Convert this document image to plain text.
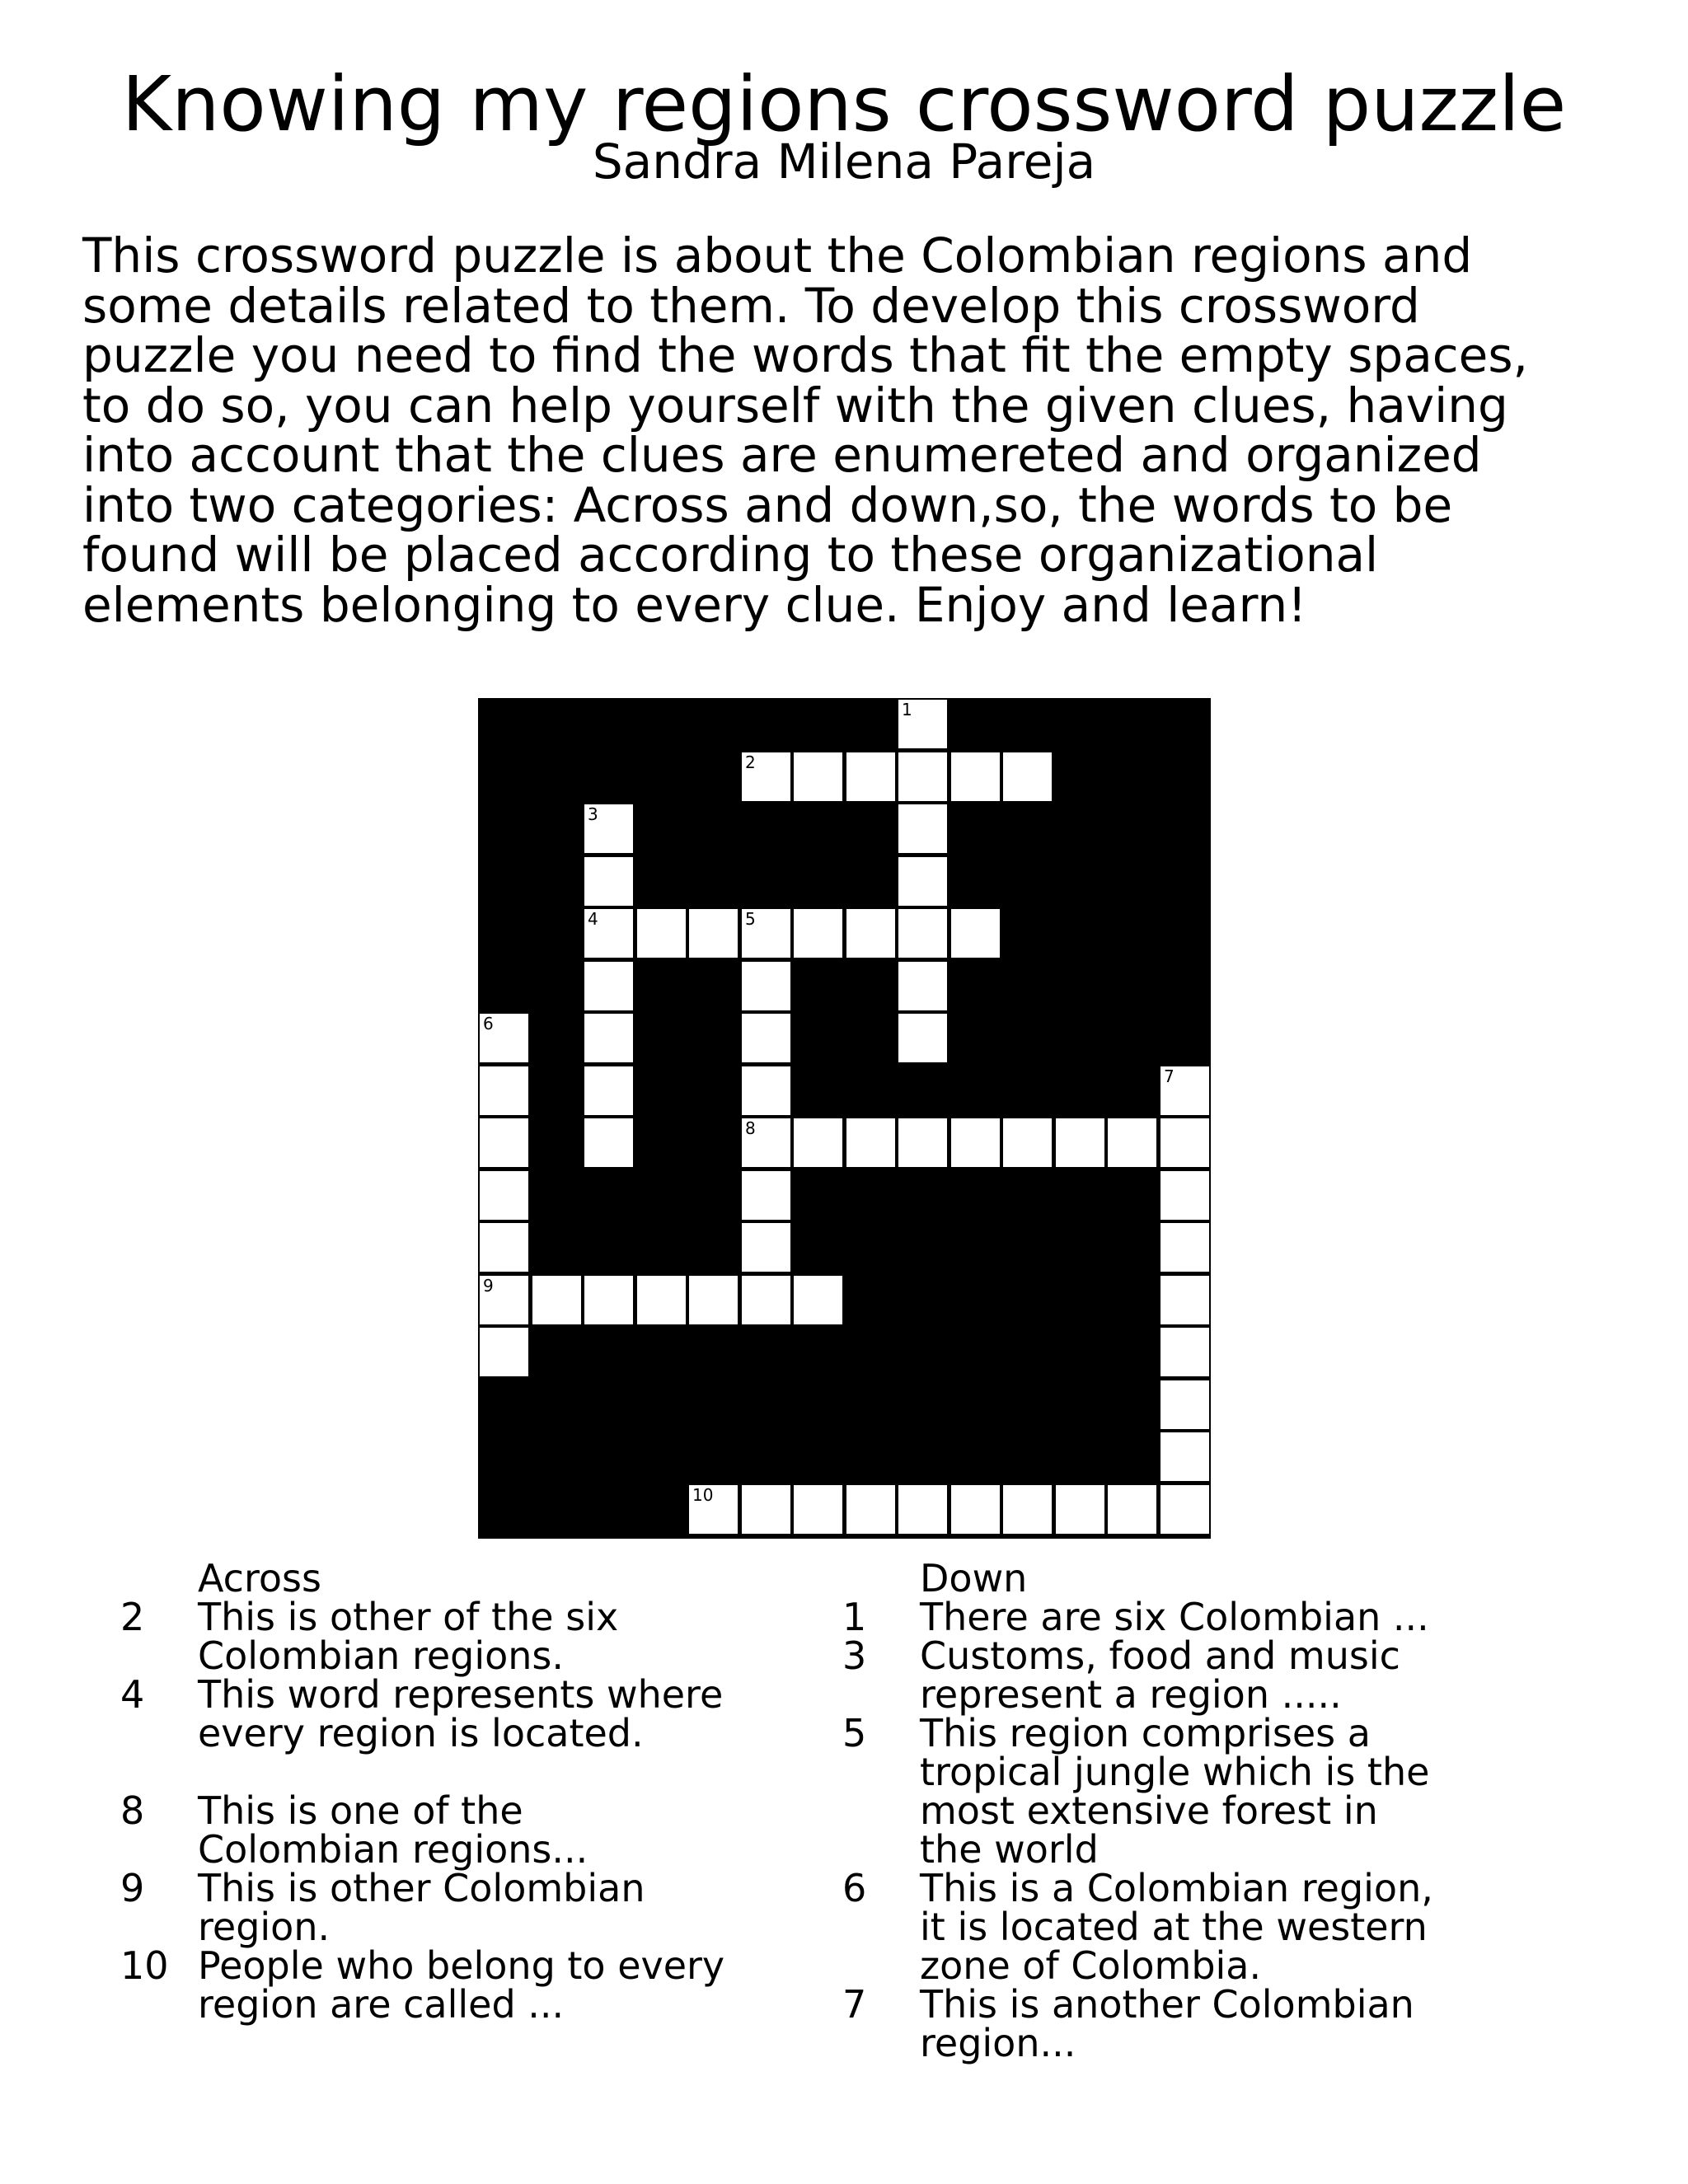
Knowing my regions crossword puzzle
Sandra Milena Pareja

This crossword puzzle is about the Colombian regions and some details related to them. To develop this crossword puzzle you need to find the words that fit the empty spaces, to do so, you can help yourself with the given clues, having into account that the clues are enumereted and organized into two categories: Across and down,so, the words to be found will be placed according to these organizational elements belonging to every clue. Enjoy and learn!

1
2
3
4	5
8
6
9
7
10
Across
2 This is other of the six Colombian regions.
4 This word represents where every region is located.
8 This is one of the Colombian regions...
9 This is other Colombian region.
10 People who belong to every region are called ...
Down
1 There are six Colombian ...
3 Customs, food and music represent a region .....
5 This region comprises a tropical jungle which is the most extensive forest in the world
6 This is a Colombian region, it is located at the western zone of Colombia.
7 This is another Colombian region...
